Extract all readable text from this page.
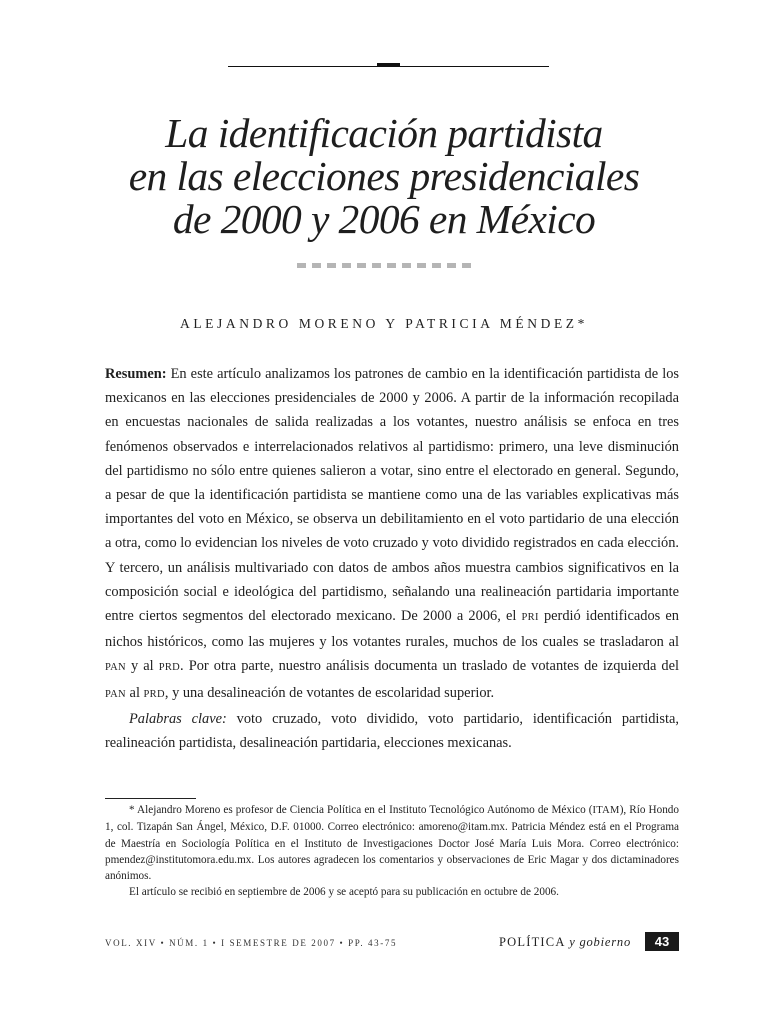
La identificación partidista
en las elecciones presidenciales
de 2000 y 2006 en México

ALEJANDRO MORENO Y PATRICIA MÉNDEZ*

Resumen: En este artículo analizamos los patrones de cambio en la identificación partidista de los mexicanos en las elecciones presidenciales de 2000 y 2006. A partir de la información recopilada en encuestas nacionales de salida realizadas a los votantes, nuestro análisis se enfoca en tres fenómenos observados e interrelacionados relativos al partidismo: primero, una leve disminución del partidismo no sólo entre quienes salieron a votar, sino entre el electorado en general. Segundo, a pesar de que la identificación partidista se mantiene como una de las variables explicativas más importantes del voto en México, se observa un debilitamiento en el voto partidario de una elección a otra, como lo evidencian los niveles de voto cruzado y voto dividido registrados en cada elección. Y tercero, un análisis multivariado con datos de ambos años muestra cambios significativos en la composición social e ideológica del partidismo, señalando una realineación partidaria importante entre ciertos segmentos del electorado mexicano. De 2000 a 2006, el PRI perdió identificados en nichos históricos, como las mujeres y los votantes rurales, muchos de los cuales se trasladaron al PAN y al PRD. Por otra parte, nuestro análisis documenta un traslado de votantes de izquierda del PAN al PRD, y una desalineación de votantes de escolaridad superior.

Palabras clave: voto cruzado, voto dividido, voto partidario, identificación partidista, realineación partidista, desalineación partidaria, elecciones mexicanas.

* Alejandro Moreno es profesor de Ciencia Política en el Instituto Tecnológico Autónomo de México (ITAM), Río Hondo 1, col. Tizapán San Ángel, México, D.F. 01000. Correo electrónico: amoreno@itam.mx. Patricia Méndez está en el Programa de Maestría en Sociología Política en el Instituto de Investigaciones Doctor José María Luis Mora. Correo electrónico: pmendez@institutomora.edu.mx. Los autores agradecen los comentarios y observaciones de Eric Magar y dos dictaminadores anónimos.

El artículo se recibió en septiembre de 2006 y se aceptó para su publicación en octubre de 2006.

VOL. XIV • NÚM. 1 • I SEMESTRE DE 2007 • PP. 43-75	POLÍTICA y gobierno	43
